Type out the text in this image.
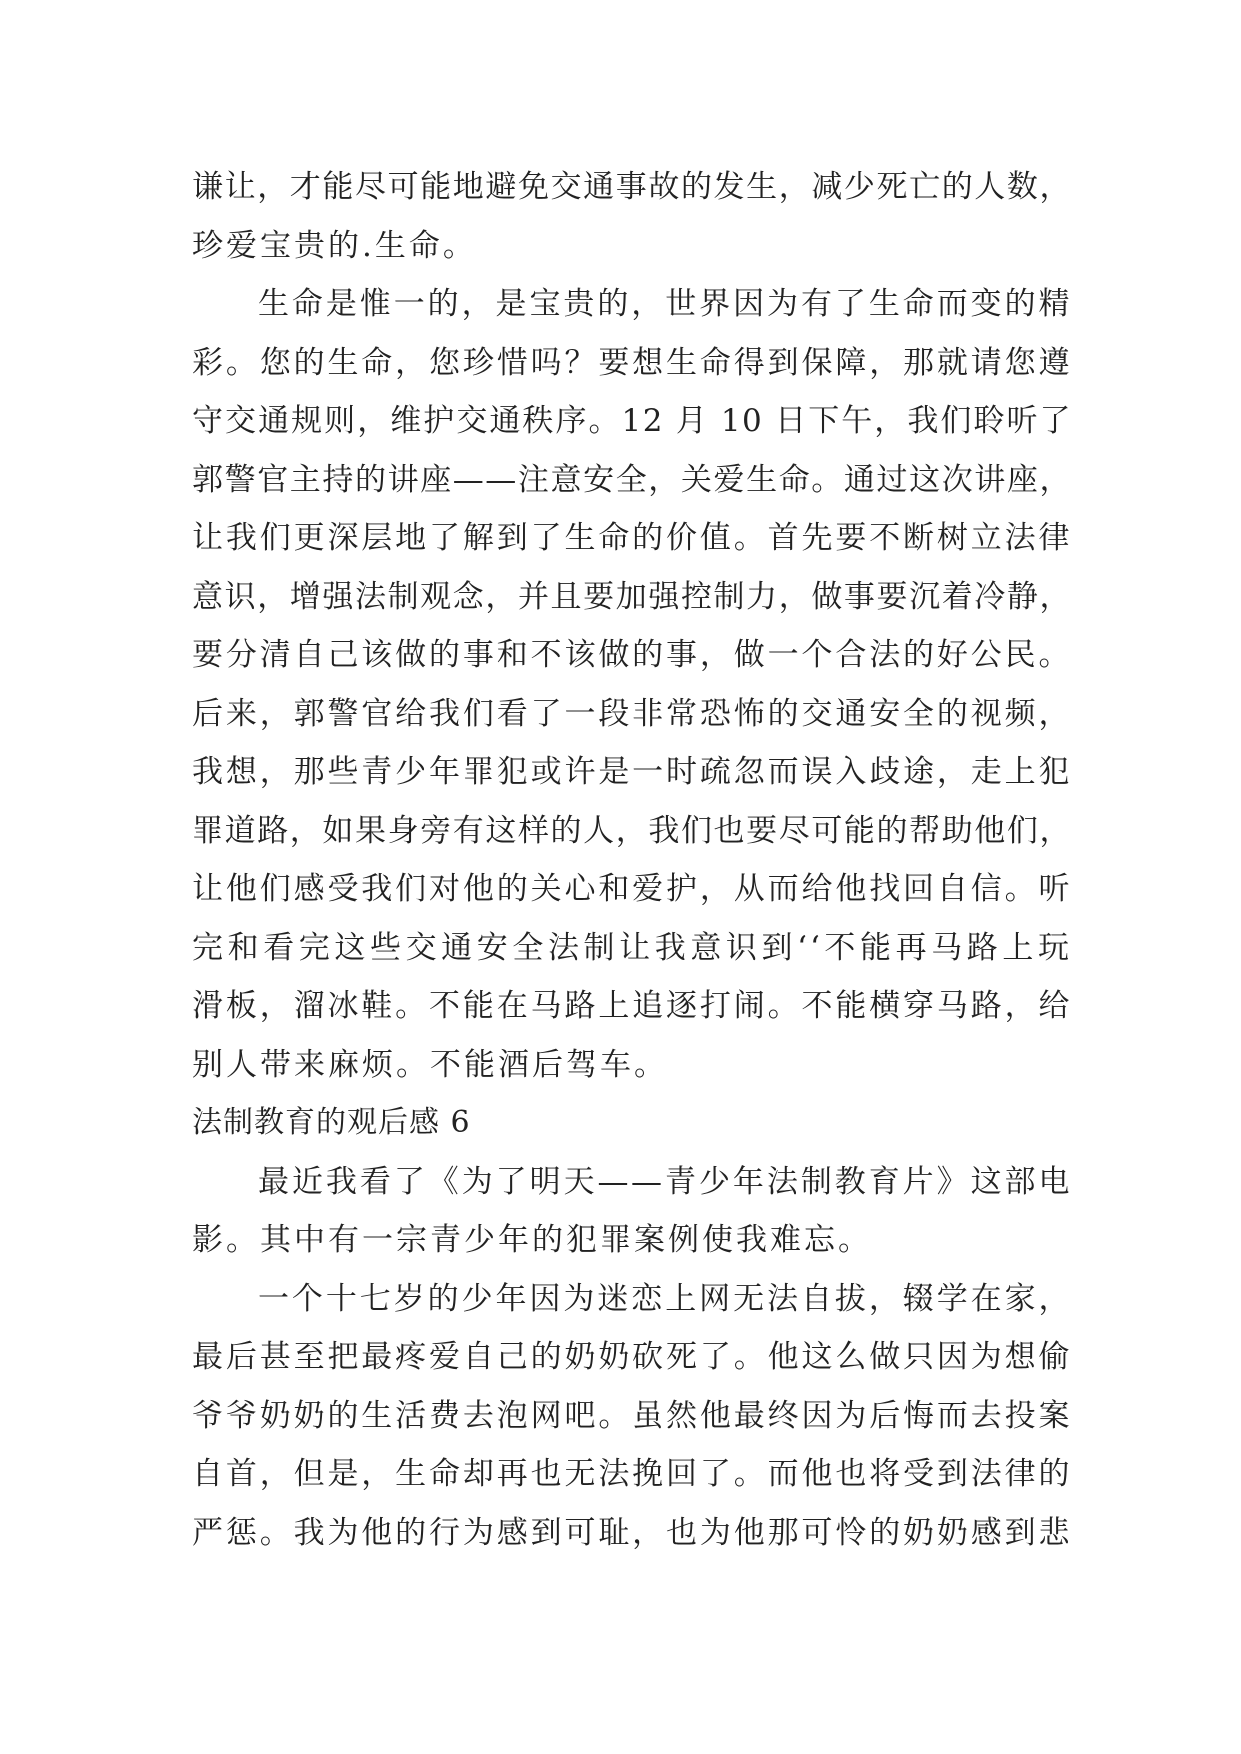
谦让，才能尽可能地避免交通事故的发生，减少死亡的人数，
珍爱宝贵的.生命。
生命是惟一的，是宝贵的，世界因为有了生命而变的精
彩。您的生命，您珍惜吗？要想生命得到保障，那就请您遵
守交通规则，维护交通秩序。12 月 10 日下午，我们聆听了
郭警官主持的讲座——注意安全，关爱生命。通过这次讲座，
让我们更深层地了解到了生命的价值。首先要不断树立法律
意识，增强法制观念，并且要加强控制力，做事要沉着冷静，
要分清自己该做的事和不该做的事，做一个合法的好公民。
后来，郭警官给我们看了一段非常恐怖的交通安全的视频，
我想，那些青少年罪犯或许是一时疏忽而误入歧途，走上犯
罪道路，如果身旁有这样的人，我们也要尽可能的帮助他们，
让他们感受我们对他的关心和爱护，从而给他找回自信。听
完和看完这些交通安全法制让我意识到‘‘不能再马路上玩
滑板，溜冰鞋。不能在马路上追逐打闹。不能横穿马路，给
别人带来麻烦。不能酒后驾车。
法制教育的观后感 6
最近我看了《为了明天——青少年法制教育片》这部电
影。其中有一宗青少年的犯罪案例使我难忘。
一个十七岁的少年因为迷恋上网无法自拔，辍学在家，
最后甚至把最疼爱自己的奶奶砍死了。他这么做只因为想偷
爷爷奶奶的生活费去泡网吧。虽然他最终因为后悔而去投案
自首，但是，生命却再也无法挽回了。而他也将受到法律的
严惩。我为他的行为感到可耻，也为他那可怜的奶奶感到悲
